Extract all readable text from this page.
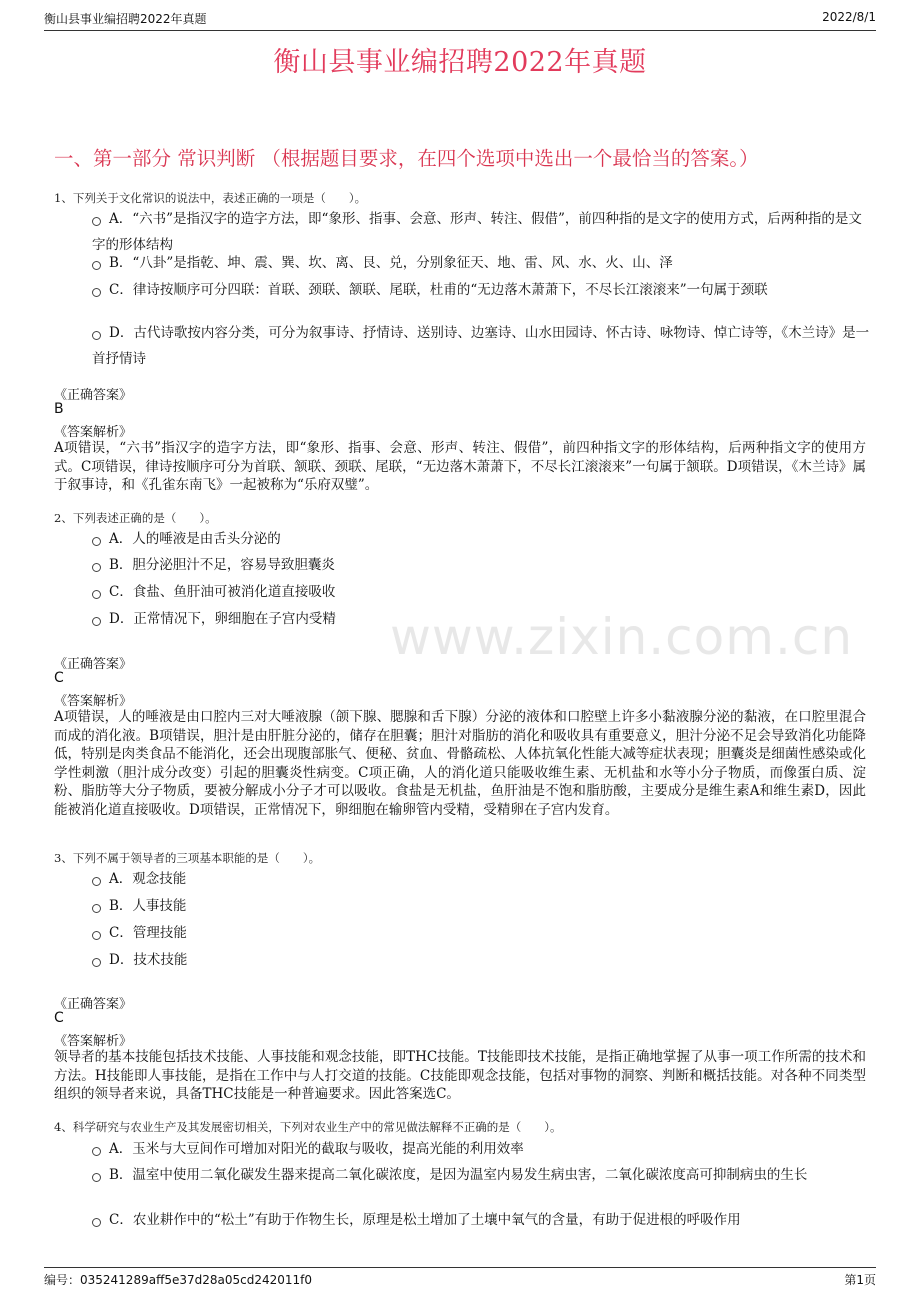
衡山县事业编招聘2022年真题	2022/8/1
衡山县事业编招聘2022年真题
一、第一部分 常识判断 （根据题目要求，在四个选项中选出一个最恰当的答案。）
1、下列关于文化常识的说法中，表述正确的一项是（　　）。
A．“六书”是指汉字的造字方法，即“象形、指事、会意、形声、转注、假借”，前四种指的是文字的使用方式，后两种指的是文字的形体结构
B．“八卦”是指乾、坤、震、巽、坎、离、艮、兑，分别象征天、地、雷、风、水、火、山、泽
C．律诗按顺序可分四联：首联、颈联、颔联、尾联，杜甫的“无边落木萧萧下，不尽长江滚滚来”一句属于颈联
D．古代诗歌按内容分类，可分为叙事诗、抒情诗、送别诗、边塞诗、山水田园诗、怀古诗、咏物诗、悼亡诗等，《木兰诗》是一首抒情诗
《正确答案》
B
《答案解析》
A项错误，“六书”指汉字的造字方法，即“象形、指事、会意、形声、转注、假借”，前四种指文字的形体结构，后两种指文字的使用方式。C项错误，律诗按顺序可分为首联、颔联、颈联、尾联，“无边落木萧萧下，不尽长江滚滚来”一句属于颔联。D项错误，《木兰诗》属于叙事诗，和《孔雀东南飞》一起被称为“乐府双璧”。
2、下列表述正确的是（　　）。
A．人的唾液是由舌头分泌的
B．胆分泌胆汁不足，容易导致胆囊炎
C．食盐、鱼肝油可被消化道直接吸收
D．正常情况下，卵细胞在子宫内受精
《正确答案》
C
《答案解析》
A项错误，人的唾液是由口腔内三对大唾液腺（颌下腺、腮腺和舌下腺）分泌的液体和口腔壁上许多小黏液腺分泌的黏液，在口腔里混合而成的消化液。B项错误，胆汁是由肝脏分泌的，储存在胆囊；胆汁对脂肪的消化和吸收具有重要意义，胆汁分泌不足会导致消化功能降低，特别是肉类食品不能消化，还会出现腹部胀气、便秘、贫血、骨骼疏松、人体抗氧化性能大减等症状表现；胆囊炎是细菌性感染或化学性刺激（胆汁成分改变）引起的胆囊炎性病变。C项正确，人的消化道只能吸收维生素、无机盐和水等小分子物质，而像蛋白质、淀粉、脂肪等大分子物质，要被分解成小分子才可以吸收。食盐是无机盐，鱼肝油是不饱和脂肪酸，主要成分是维生素A和维生素D，因此能被消化道直接吸收。D项错误，正常情况下，卵细胞在输卵管内受精，受精卵在子宫内发育。
3、下列不属于领导者的三项基本职能的是（　　）。
A．观念技能
B．人事技能
C．管理技能
D．技术技能
《正确答案》
C
《答案解析》
领导者的基本技能包括技术技能、人事技能和观念技能，即THC技能。T技能即技术技能，是指正确地掌握了从事一项工作所需的技术和方法。H技能即人事技能，是指在工作中与人打交道的技能。C技能即观念技能，包括对事物的洞察、判断和概括技能。对各种不同类型组织的领导者来说，具备THC技能是一种普遍要求。因此答案选C。
4、科学研究与农业生产及其发展密切相关，下列对农业生产中的常见做法解释不正确的是（　　）。
A．玉米与大豆间作可增加对阳光的截取与吸收，提高光能的利用效率
B．温室中使用二氧化碳发生器来提高二氧化碳浓度，是因为温室内易发生病虫害，二氧化碳浓度高可抑制病虫的生长
C．农业耕作中的“松土”有助于作物生长，原理是松土增加了土壤中氧气的含量，有助于促进根的呼吸作用
www.zixin.com.cn
编号：035241289aff5e37d28a05cd242011f0	第1页
